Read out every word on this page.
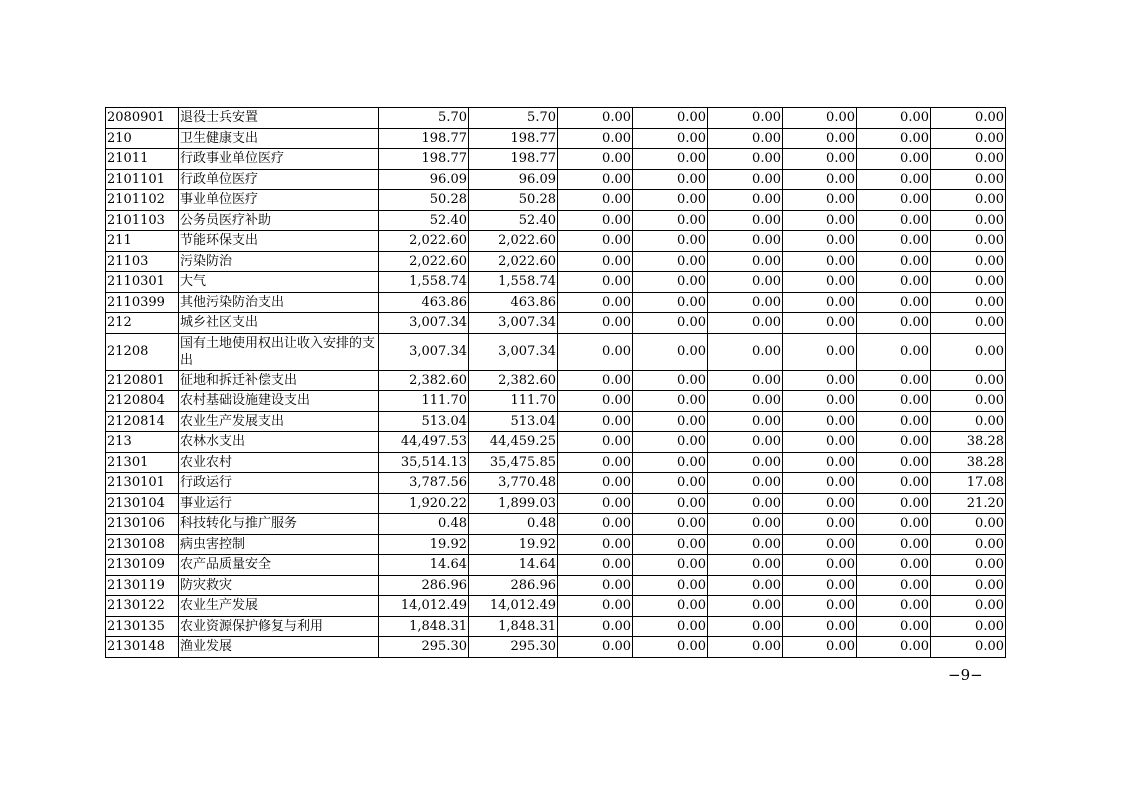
2080901	退役士兵安置	5.70	5.70	0.00	0.00	0.00	0.00	0.00	0.00
210	卫生健康支出	198.77	198.77	0.00	0.00	0.00	0.00	0.00	0.00
21011	行政事业单位医疗	198.77	198.77	0.00	0.00	0.00	0.00	0.00	0.00
2101101	行政单位医疗	96.09	96.09	0.00	0.00	0.00	0.00	0.00	0.00
2101102	事业单位医疗	50.28	50.28	0.00	0.00	0.00	0.00	0.00	0.00
2101103	公务员医疗补助	52.40	52.40	0.00	0.00	0.00	0.00	0.00	0.00
211	节能环保支出	2,022.60	2,022.60	0.00	0.00	0.00	0.00	0.00	0.00
21103	污染防治	2,022.60	2,022.60	0.00	0.00	0.00	0.00	0.00	0.00
2110301	大气	1,558.74	1,558.74	0.00	0.00	0.00	0.00	0.00	0.00
2110399	其他污染防治支出	463.86	463.86	0.00	0.00	0.00	0.00	0.00	0.00
212	城乡社区支出	3,007.34	3,007.34	0.00	0.00	0.00	0.00	0.00	0.00
21208	国有土地使用权出让收入安排的支出	3,007.34	3,007.34	0.00	0.00	0.00	0.00	0.00	0.00
2120801	征地和拆迁补偿支出	2,382.60	2,382.60	0.00	0.00	0.00	0.00	0.00	0.00
2120804	农村基础设施建设支出	111.70	111.70	0.00	0.00	0.00	0.00	0.00	0.00
2120814	农业生产发展支出	513.04	513.04	0.00	0.00	0.00	0.00	0.00	0.00
213	农林水支出	44,497.53	44,459.25	0.00	0.00	0.00	0.00	0.00	38.28
21301	农业农村	35,514.13	35,475.85	0.00	0.00	0.00	0.00	0.00	38.28
2130101	行政运行	3,787.56	3,770.48	0.00	0.00	0.00	0.00	0.00	17.08
2130104	事业运行	1,920.22	1,899.03	0.00	0.00	0.00	0.00	0.00	21.20
2130106	科技转化与推广服务	0.48	0.48	0.00	0.00	0.00	0.00	0.00	0.00
2130108	病虫害控制	19.92	19.92	0.00	0.00	0.00	0.00	0.00	0.00
2130109	农产品质量安全	14.64	14.64	0.00	0.00	0.00	0.00	0.00	0.00
2130119	防灾救灾	286.96	286.96	0.00	0.00	0.00	0.00	0.00	0.00
2130122	农业生产发展	14,012.49	14,012.49	0.00	0.00	0.00	0.00	0.00	0.00
2130135	农业资源保护修复与利用	1,848.31	1,848.31	0.00	0.00	0.00	0.00	0.00	0.00
2130148	渔业发展	295.30	295.30	0.00	0.00	0.00	0.00	0.00	0.00
−9−
